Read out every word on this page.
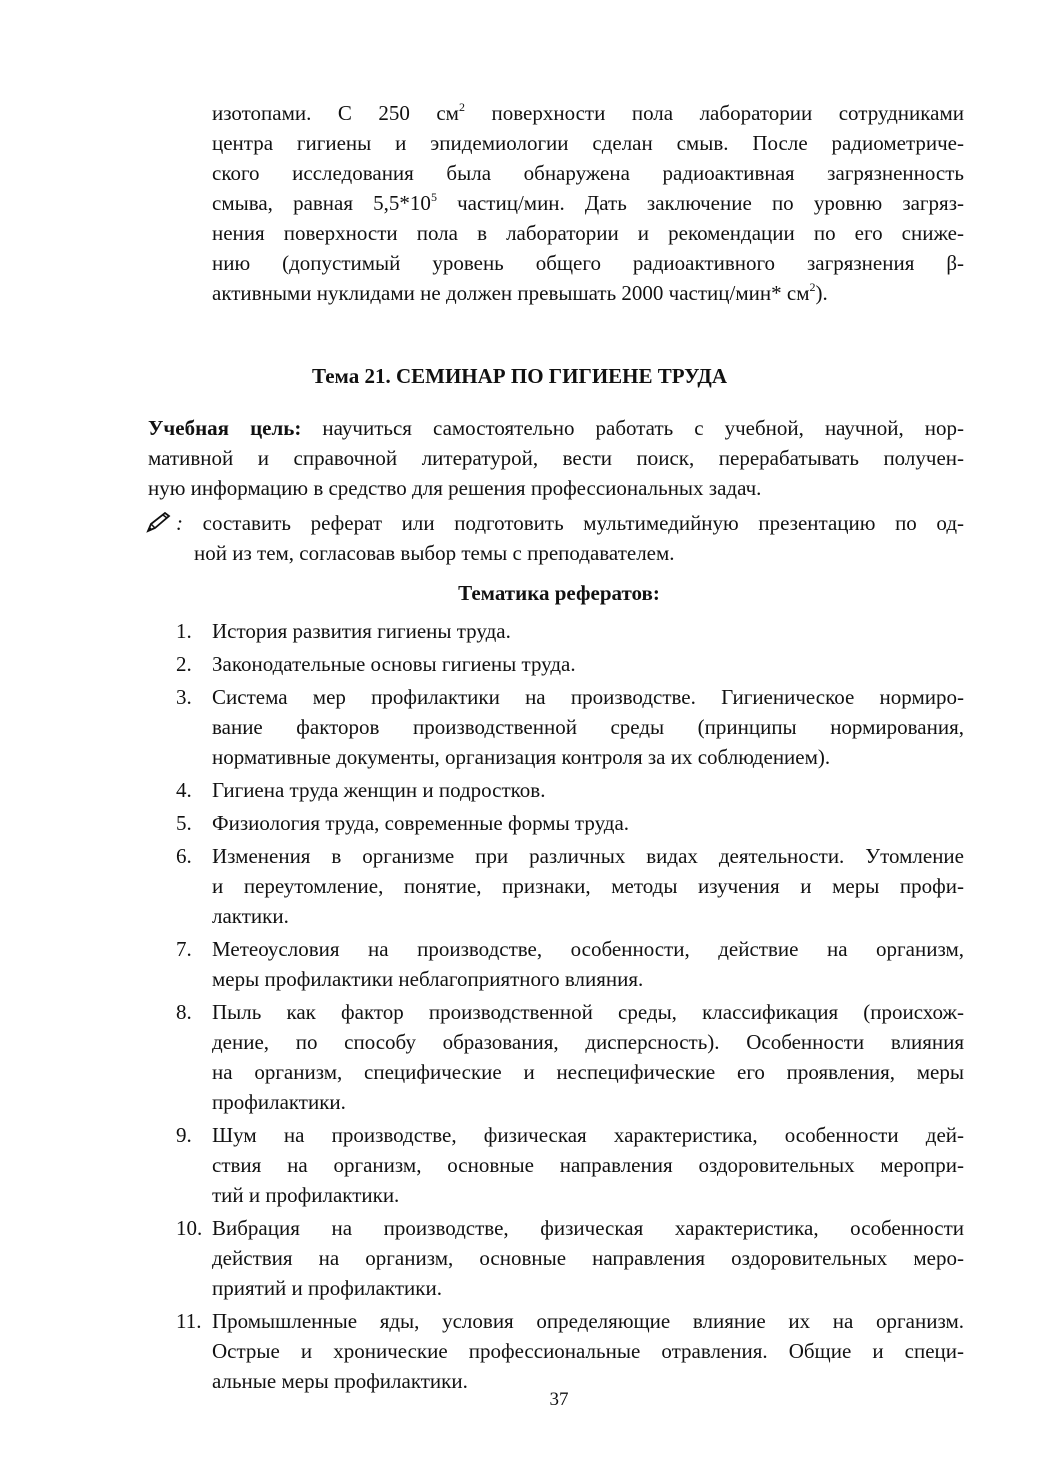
изотопами. С 250 $см^2$ поверхности пола лаборатории сотрудниками
центра гигиены и эпидемиологии сделан смыв. После радиометриче-
ского исследования была обнаружена радиоактивная загрязненность
смыва, равная $5,5*10^5$ частиц/мин. Дать заключение по уровню загряз-
нения поверхности пола в лаборатории и рекомендации по его сниже-
нию (допустимый уровень общего радиоактивного загрязнения β-
активными нуклидами не должен превышать 2000 частиц/мин* $см^2$).
Тема 21. СЕМИНАР ПО ГИГИЕНЕ ТРУДА
Учебная цель: научиться самостоятельно работать с учебной, научной, нор-
мативной и справочной литературой, вести поиск, перерабатывать получен-
ную информацию в средство для решения профессиональных задач.
: составить реферат или подготовить мультимедийную презентацию по од-
ной из тем, согласовав выбор темы с преподавателем.
Тематика рефератов:
1. История развития гигиены труда.
2. Законодательные основы гигиены труда.
3. Система мер профилактики на производстве. Гигиеническое нормиро-
вание факторов производственной среды (принципы нормирования,
нормативные документы, организация контроля за их соблюдением).
4. Гигиена труда женщин и подростков.
5. Физиология труда, современные формы труда.
6. Изменения в организме при различных видах деятельности. Утомление
и переутомление, понятие, признаки, методы изучения и меры профи-
лактики.
7. Метеоусловия на производстве, особенности, действие на организм,
меры профилактики неблагоприятного влияния.
8. Пыль как фактор производственной среды, классификация (происхож-
дение, по способу образования, дисперсность). Особенности влияния
на организм, специфические и неспецифические его проявления, меры
профилактики.
9. Шум на производстве, физическая характеристика, особенности дей-
ствия на организм, основные направления оздоровительных меропри-
тий и профилактики.
10. Вибрация на производстве, физическая характеристика, особенности
действия на организм, основные направления оздоровительных меро-
приятий и профилактики.
11. Промышленные яды, условия определяющие влияние их на организм.
Острые и хронические профессиональные отравления. Общие и специ-
альные меры профилактики.
37
